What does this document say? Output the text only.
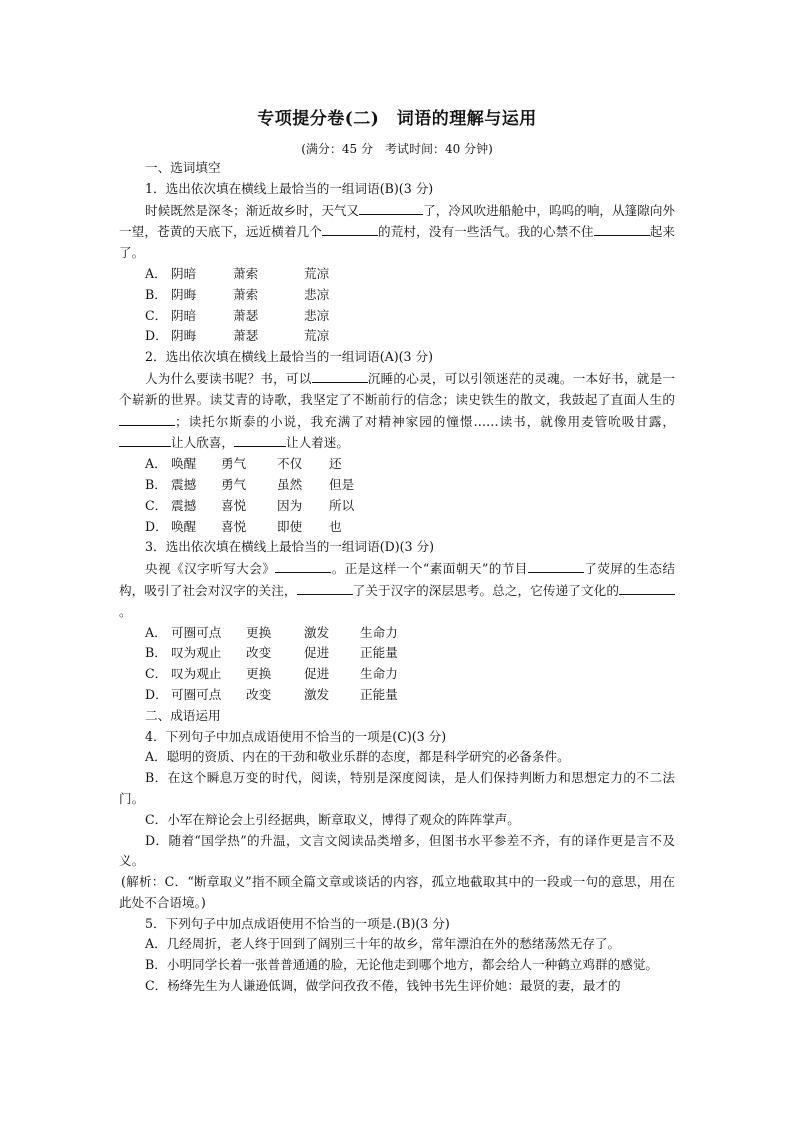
专项提分卷(二)　词语的理解与运用
(满分：45 分　考试时间：40 分钟)

一、选词填空

1．选出依次填在横线上最恰当的一组词语(B)(3 分)

时候既然是深冬；渐近故乡时，天气又	了，冷风吹进船舱中，呜呜的响，从篷隙向外一望，苍黄的天底下，远近横着几个	的荒村，没有一些活气。我的心禁不住	起来了。

A． 阴暗	萧索	荒凉
B． 阴晦	萧索	悲凉
C． 阴暗	萧瑟	悲凉
D． 阴晦	萧瑟	荒凉

2．选出依次填在横线上最恰当的一组词语(A)(3 分)

人为什么要读书呢？书，可以	沉睡的心灵，可以引领迷茫的灵魂。一本好书，就是一个崭新的世界。读艾青的诗歌，我坚定了不断前行的信念；读史铁生的散文，我鼓起了直面人生的；读托尔斯泰的小说，我充满了对精神家园的憧憬……读书，就像用麦管吮吸甘露，让人欣喜，	让人着迷。

A． 唤醒 勇气 不仅 还
B． 震撼 勇气 虽然 但是
C． 震撼 喜悦 因为 所以
D． 唤醒 喜悦 即使 也

3．选出依次填在横线上最恰当的一组词语(D)(3 分)

央视《汉字听写大会》	。正是这样一个“素面朝天”的节目	了荧屏的生态结构，吸引了社会对汉字的关注，	了关于汉字的深层思考。总之，它传递了文化的。

A． 可圈可点 更换	激发 生命力
B． 叹为观止 改变	促进 正能量
C． 叹为观止 更换	促进 生命力
D． 可圈可点 改变	激发 正能量

二、成语运用

4．下列句子中加点成语使用不恰当的一项是(C)(3 分)

A．聪明的资质、内在的干劲和敬业乐群的态度，都是科学研究的必备条件。

B．在这个瞬息万变的时代，阅读，特别是深度阅读，是人们保持判断力和思想定力的不二法门。

C．小军在辩论会上引经据典，断章取义，博得了观众的阵阵掌声。

D．随着“国学热”的升温，文言文阅读品类增多，但图书水平参差不齐，有的译作更是言不及义。

(解析：C．“断章取义”指不顾全篇文章或谈话的内容，孤立地截取其中的一段或一句的意思，用在此处不合语境。)

5．下列句子中加点成语使用不恰当的一项是.(B)(3 分)

A．几经周折，老人终于回到了阔别三十年的故乡，常年漂泊在外的愁绪荡然无存了。

B．小明同学长着一张普普通通的脸，无论他走到哪个地方，都会给人一种鹤立鸡群的感觉。

C．杨绛先生为人谦逊低调，做学问孜孜不倦，钱钟书先生评价她：最贤的妻，最才的
